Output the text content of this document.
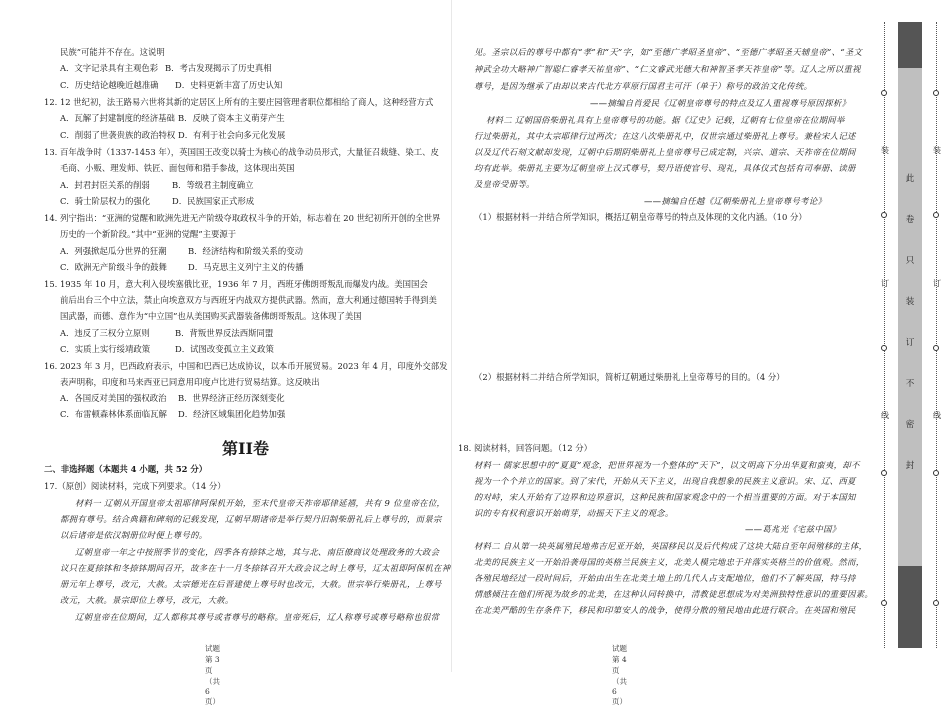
民族”可能并不存在。这说明
A．文字记录具有主观色彩 B．考古发现揭示了历史真相
C．历史结论越晚近越准确 D．史料更新丰富了历史认知
12. 12 世纪初，法王路易六世将其新的定居区上所有的主要庄园管理者职位都相给了商人，这种经营方式
A．瓦解了封建制度的经济基础 B．反映了资本主义萌芽产生
C．削弱了世袭贵族的政治特权 D．有利于社会向多元化发展
13. 百年战争时（1337-1453 年），英国国王改变以骑士为核心的战争动员形式，大量征召裁缝、染工、皮
毛商、小贩、理发师、铁匠、面包师和猎手参战，这体现出英国
A．封君封臣关系的削弱	B．等级君主制度确立
C．骑士阶层权力的强化	D．民族国家正式形成
14. 列宁指出：“亚洲的觉醒和欧洲先进无产阶级夺取政权斗争的开始，标志着在 20 世纪初所开创的全世界
历史的一个新阶段。”其中“亚洲的觉醒”主要源于
A．列强掀起瓜分世界的狂潮	B．经济结构和阶级关系的变动
C．欧洲无产阶级斗争的鼓舞	D．马克思主义列宁主义的传播
15. 1935 年 10 月，意大利入侵埃塞俄比亚，1936 年 7 月，西班牙佛朗哥叛乱而爆发内战。美国国会
前后出台三个中立法，禁止向埃意双方与西班牙内战双方提供武器。然而，意大利通过德国转手得到美
国武器，而德、意作为“中立国”也从美国购买武器装备佛朗哥叛乱。这体现了美国
A．违反了三权分立原则	B．背叛世界反法西斯同盟
C．实质上实行绥靖政策	D．试图改变孤立主义政策
16. 2023 年 3 月，巴西政府表示，中国和巴西已达成协议，以本币开展贸易。2023 年 4 月，印度外交部发
表声明称，印度和马来西亚已同意用印度卢比进行贸易结算。这反映出
A．各国反对美国的强权政治 B．世界经济正经历深刻变化
C．布雷顿森林体系面临瓦解 D．经济区域集团化趋势加强
第II卷
二、非选择题（本题共 4 小题，共 52 分）
17.（原创）阅读材料，完成下列要求。（14 分）
材料一 辽朝从开国皇帝太祖耶律阿保机开始，至末代皇帝天祚帝耶律延禧，共有 9 位皇帝在位，
都拥有尊号。结合典籍和碑刻的记载发现，辽朝早期诸帝是举行契丹旧制柴册礼后上尊号的，而景宗
以后诸帝是依汉制册位时便上尊号的。
辽朝皇帝一年之中按照季节的变化，四季各有捺钵之地，其与北、南臣僚商议处理政务的大政会
议只在夏捺钵和冬捺钵期间召开，故多在十一月冬捺钵召开大政会议之时上尊号，辽太祖即阿保机在神
册元年上尊号，改元，大赦。太宗德光在后晋建使上尊号时也改元，大赦。世宗举行柴册礼，上尊号
改元，大赦。景宗即位上尊号，改元，大赦。
辽朝皇帝在位期间，辽人都称其尊号或者尊号的略称。皇帝死后，辽人称尊号或尊号略称也很常
试题 第 3页（共 6页）
见。圣宗以后的尊号中都有“孝”和“天”字，如“至德广孝昭圣皇帝”、“至德广孝昭圣天辅皇帝”、“圣文
神武全功大略神广智聪仁睿孝天祐皇帝”、“仁文睿武光德大和神智圣孝天祚皇帝”等。辽人之所以重视
尊号，是因为继承了由却以来古代北方草原行国君主可汗（单于）称号的政治文化传统。
——摘编自肖爱民《辽朝皇帝尊号的特点及辽人重视尊号原因探析》
材料二 辽朝国俗柴册礼具有上皇帝尊号的功能。据《辽史》记载，辽朝有七位皇帝在位期间举
行过柴册礼，其中太宗耶律行过两次；在这八次柴册礼中，仅世宗通过柴册礼上尊号。兼检宋人记述
以及辽代石刻文献却发现，辽朝中后期阴柴册礼上皇帝尊号已成定制，兴宗、道宗、天祚帝在位期间
均有此举。柴册礼主要为辽朝皇帝上汉式尊号，契丹语使官号、现礼，具体仪式包括有司奉册、读册
及皇帝受册等。
——摘编自任越《辽朝柴册礼上皇帝尊号考论》
（1）根据材料一并结合所学知识，概括辽朝皇帝尊号的特点及体现的文化内涵。（10 分）
（2）根据材料二并结合所学知识，简析辽朝通过柴册礼上皇帝尊号的目的。（4 分）
18. 阅读材料，回答问题。（12 分）
材料一 儒家思想中的“夏夏”观念，把世界视为一个整体的“天下”，以文明高下分出华夏和蛮夷，却不
视为一个个并立的国家。到了宋代，开始从天下主义，出现自我想象的民族主义意识。宋、辽、西夏
的对峙，宋人开始有了边界和边界意识，这种民族和国家观念中的一个相当重要的方面。对于本国知
识的专有权利意识开始萌芽，动摇天下主义的观念。
——葛兆光《宅兹中国》
材料二 自从第一块英属殖民地弗吉尼亚开始，英国移民以及后代构成了这块大陆自至年间殖移的主体，
北美的民族主义一开始沿袭母国的英格兰民族主义，北美人模完地忠于并落实英格兰的价值观。然而，
各殖民地经过一段时间后，开始由出生在北美土地上的几代人占支配地位，他们不了解英国，特马持
情感倾注在他们所视为故乡的北美，在这种认同转换中，清教徒思想成为对美洲独特性意识的重要因素。
在北美严酷的生存条件下，移民和印第安人的战争，使得分散的殖民地由此进行联合。在英国和殖民
试题 第 4页（共 6页）
此
卷
只
装
订
不
密
封
装
订
线
装
订
线
